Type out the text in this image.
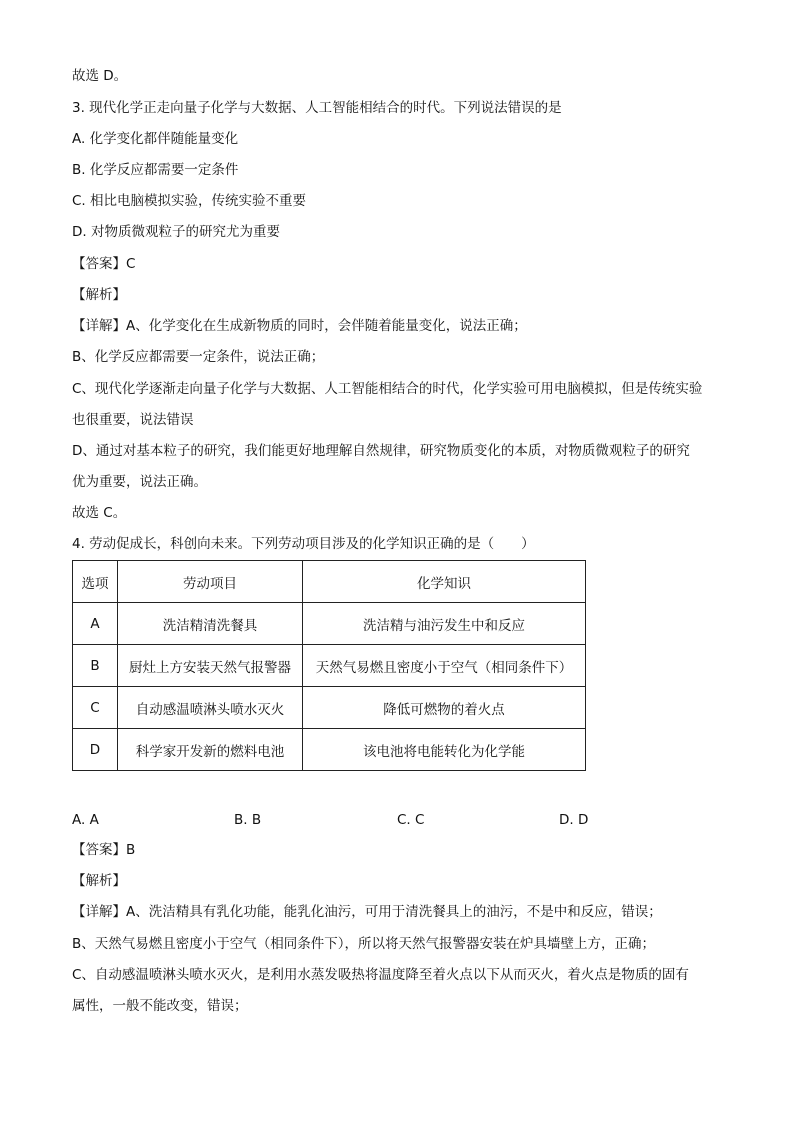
故选 D。
3. 现代化学正走向量子化学与大数据、人工智能相结合的时代。下列说法错误的是
A. 化学变化都伴随能量变化
B. 化学反应都需要一定条件
C. 相比电脑模拟实验，传统实验不重要
D. 对物质微观粒子的研究尤为重要
【答案】C
【解析】
【详解】A、化学变化在生成新物质的同时，会伴随着能量变化，说法正确；
B、化学反应都需要一定条件，说法正确；
C、现代化学逐渐走向量子化学与大数据、人工智能相结合的时代，化学实验可用电脑模拟，但是传统实验
也很重要，说法错误
D、通过对基本粒子的研究，我们能更好地理解自然规律，研究物质变化的本质，对物质微观粒子的研究
优为重要，说法正确。
故选 C。
4. 劳动促成长，科创向未来。下列劳动项目涉及的化学知识正确的是（　　）
选项	劳动项目	化学知识
A	洗洁精清洗餐具	洗洁精与油污发生中和反应
B	厨灶上方安装天然气报警器	天然气易燃且密度小于空气（相同条件下）
C	自动感温喷淋头喷水灭火	降低可燃物的着火点
D	科学家开发新的燃料电池	该电池将电能转化为化学能
A. A	B. B	C. C	D. D
【答案】B
【解析】
【详解】A、洗洁精具有乳化功能，能乳化油污，可用于清洗餐具上的油污，不是中和反应，错误；
B、天然气易燃且密度小于空气（相同条件下），所以将天然气报警器安装在炉具墙壁上方，正确；
C、自动感温喷淋头喷水灭火，是利用水蒸发吸热将温度降至着火点以下从而灭火，着火点是物质的固有
属性，一般不能改变，错误；
